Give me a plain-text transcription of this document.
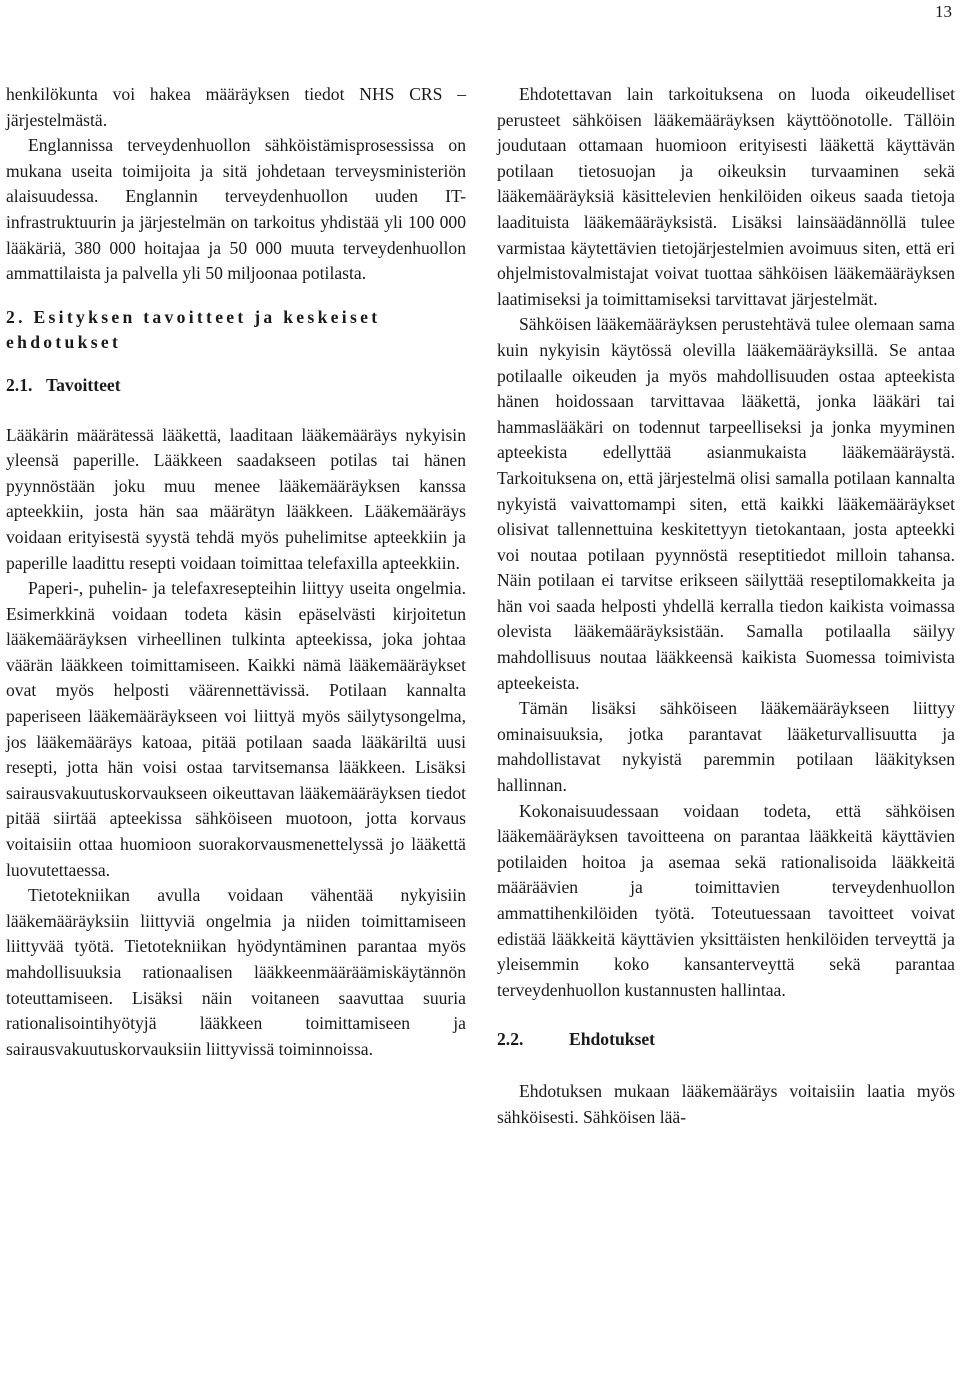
13

henkilökunta voi hakea määräyksen tiedot NHS CRS –järjestelmästä.

Englannissa terveydenhuollon sähköistämisprosessissa on mukana useita toimijoita ja sitä johdetaan terveysministeriön alaisuudessa. Englannin terveydenhuollon uuden IT-infrastruktuurin ja järjestelmän on tarkoitus yhdistää yli 100 000 lääkäriä, 380 000 hoitajaa ja 50 000 muuta terveydenhuollon ammattilaista ja palvella yli 50 miljoonaa potilasta.

2. Esityksen tavoitteet ja keskeiset ehdotukset
2.1. Tavoitteet

Lääkärin määrätessä lääkettä, laaditaan lääkemääräys nykyisin yleensä paperille. Lääkkeen saadakseen potilas tai hänen pyynnöstään joku muu menee lääkemääräyksen kanssa apteekkiin, josta hän saa määrätyn lääkkeen. Lääkemääräys voidaan erityisestä syystä tehdä myös puhelimitse apteekkiin ja paperille laadittu resepti voidaan toimittaa telefaxilla apteekkiin.

Paperi-, puhelin- ja telefaxresepteihin liittyy useita ongelmia. Esimerkkinä voidaan todeta käsin epäselvästi kirjoitetun lääkemääräyksen virheellinen tulkinta apteekissa, joka johtaa väärän lääkkeen toimittamiseen. Kaikki nämä lääkemääräykset ovat myös helposti väärennettävissä. Potilaan kannalta paperiseen lääkemääräykseen voi liittyä myös säilytysongelma, jos lääkemääräys katoaa, pitää potilaan saada lääkäriltä uusi resepti, jotta hän voisi ostaa tarvitsemansa lääkkeen. Lisäksi sairausvakuutuskorvaukseen oikeuttavan lääkemääräyksen tiedot pitää siirtää apteekissa sähköiseen muotoon, jotta korvaus voitaisiin ottaa huomioon suorakorvausmenettelyssä jo lääkettä luovutettaessa.

Tietotekniikan avulla voidaan vähentää nykyisiin lääkemääräyksiin liittyviä ongelmia ja niiden toimittamiseen liittyvää työtä. Tietotekniikan hyödyntäminen parantaa myös mahdollisuuksia rationaalisen lääkkeenmääräämiskäytännön toteuttamiseen. Lisäksi näin voitaneen saavuttaa suuria rationalisointihyötyjä lääkkeen toimittamiseen ja sairausvakuutuskorvauksiin liittyvissä toiminnoissa.

Ehdotettavan lain tarkoituksena on luoda oikeudelliset perusteet sähköisen lääkemääräyksen käyttöönotolle. Tällöin joudutaan ottamaan huomioon erityisesti lääkettä käyttävän potilaan tietosuojan ja oikeuksin turvaaminen sekä lääkemääräyksiä käsittelevien henkilöiden oikeus saada tietoja laadituista lääkemääräyksistä. Lisäksi lainsäädännöllä tulee varmistaa käytettävien tietojärjestelmien avoimuus siten, että eri ohjelmistovalmistajat voivat tuottaa sähköisen lääkemääräyksen laatimiseksi ja toimittamiseksi tarvittavat järjestelmät.

Sähköisen lääkemääräyksen perustehtävä tulee olemaan sama kuin nykyisin käytössä olevilla lääkemääräyksillä. Se antaa potilaalle oikeuden ja myös mahdollisuuden ostaa apteekista hänen hoidossaan tarvittavaa lääkettä, jonka lääkäri tai hammaslääkäri on todennut tarpeelliseksi ja jonka myyminen apteekista edellyttää asianmukaista lääkemääräystä. Tarkoituksena on, että järjestelmä olisi samalla potilaan kannalta nykyistä vaivattomampi siten, että kaikki lääkemääräykset olisivat tallennettuina keskitettyyn tietokantaan, josta apteekki voi noutaa potilaan pyynnöstä reseptitiedot milloin tahansa. Näin potilaan ei tarvitse erikseen säilyttää reseptilomakkeita ja hän voi saada helposti yhdellä kerralla tiedon kaikista voimassa olevista lääkemääräyksistään. Samalla potilaalla säilyy mahdollisuus noutaa lääkkeensä kaikista Suomessa toimivista apteekeista.

Tämän lisäksi sähköiseen lääkemääräykseen liittyy ominaisuuksia, jotka parantavat lääketurvallisuutta ja mahdollistavat nykyistä paremmin potilaan lääkityksen hallinnan.

Kokonaisuudessaan voidaan todeta, että sähköisen lääkemääräyksen tavoitteena on parantaa lääkkeitä käyttävien potilaiden hoitoa ja asemaa sekä rationalisoida lääkkeitä määräävien ja toimittavien terveydenhuollon ammattihenkilöiden työtä. Toteutuessaan tavoitteet voivat edistää lääkkeitä käyttävien yksittäisten henkilöiden terveyttä ja yleisemmin koko kansanterveyttä sekä parantaa terveydenhuollon kustannusten hallintaa.

2.2.	Ehdotukset

Ehdotuksen mukaan lääkemääräys voitaisiin laatia myös sähköisesti. Sähköisen lää-
